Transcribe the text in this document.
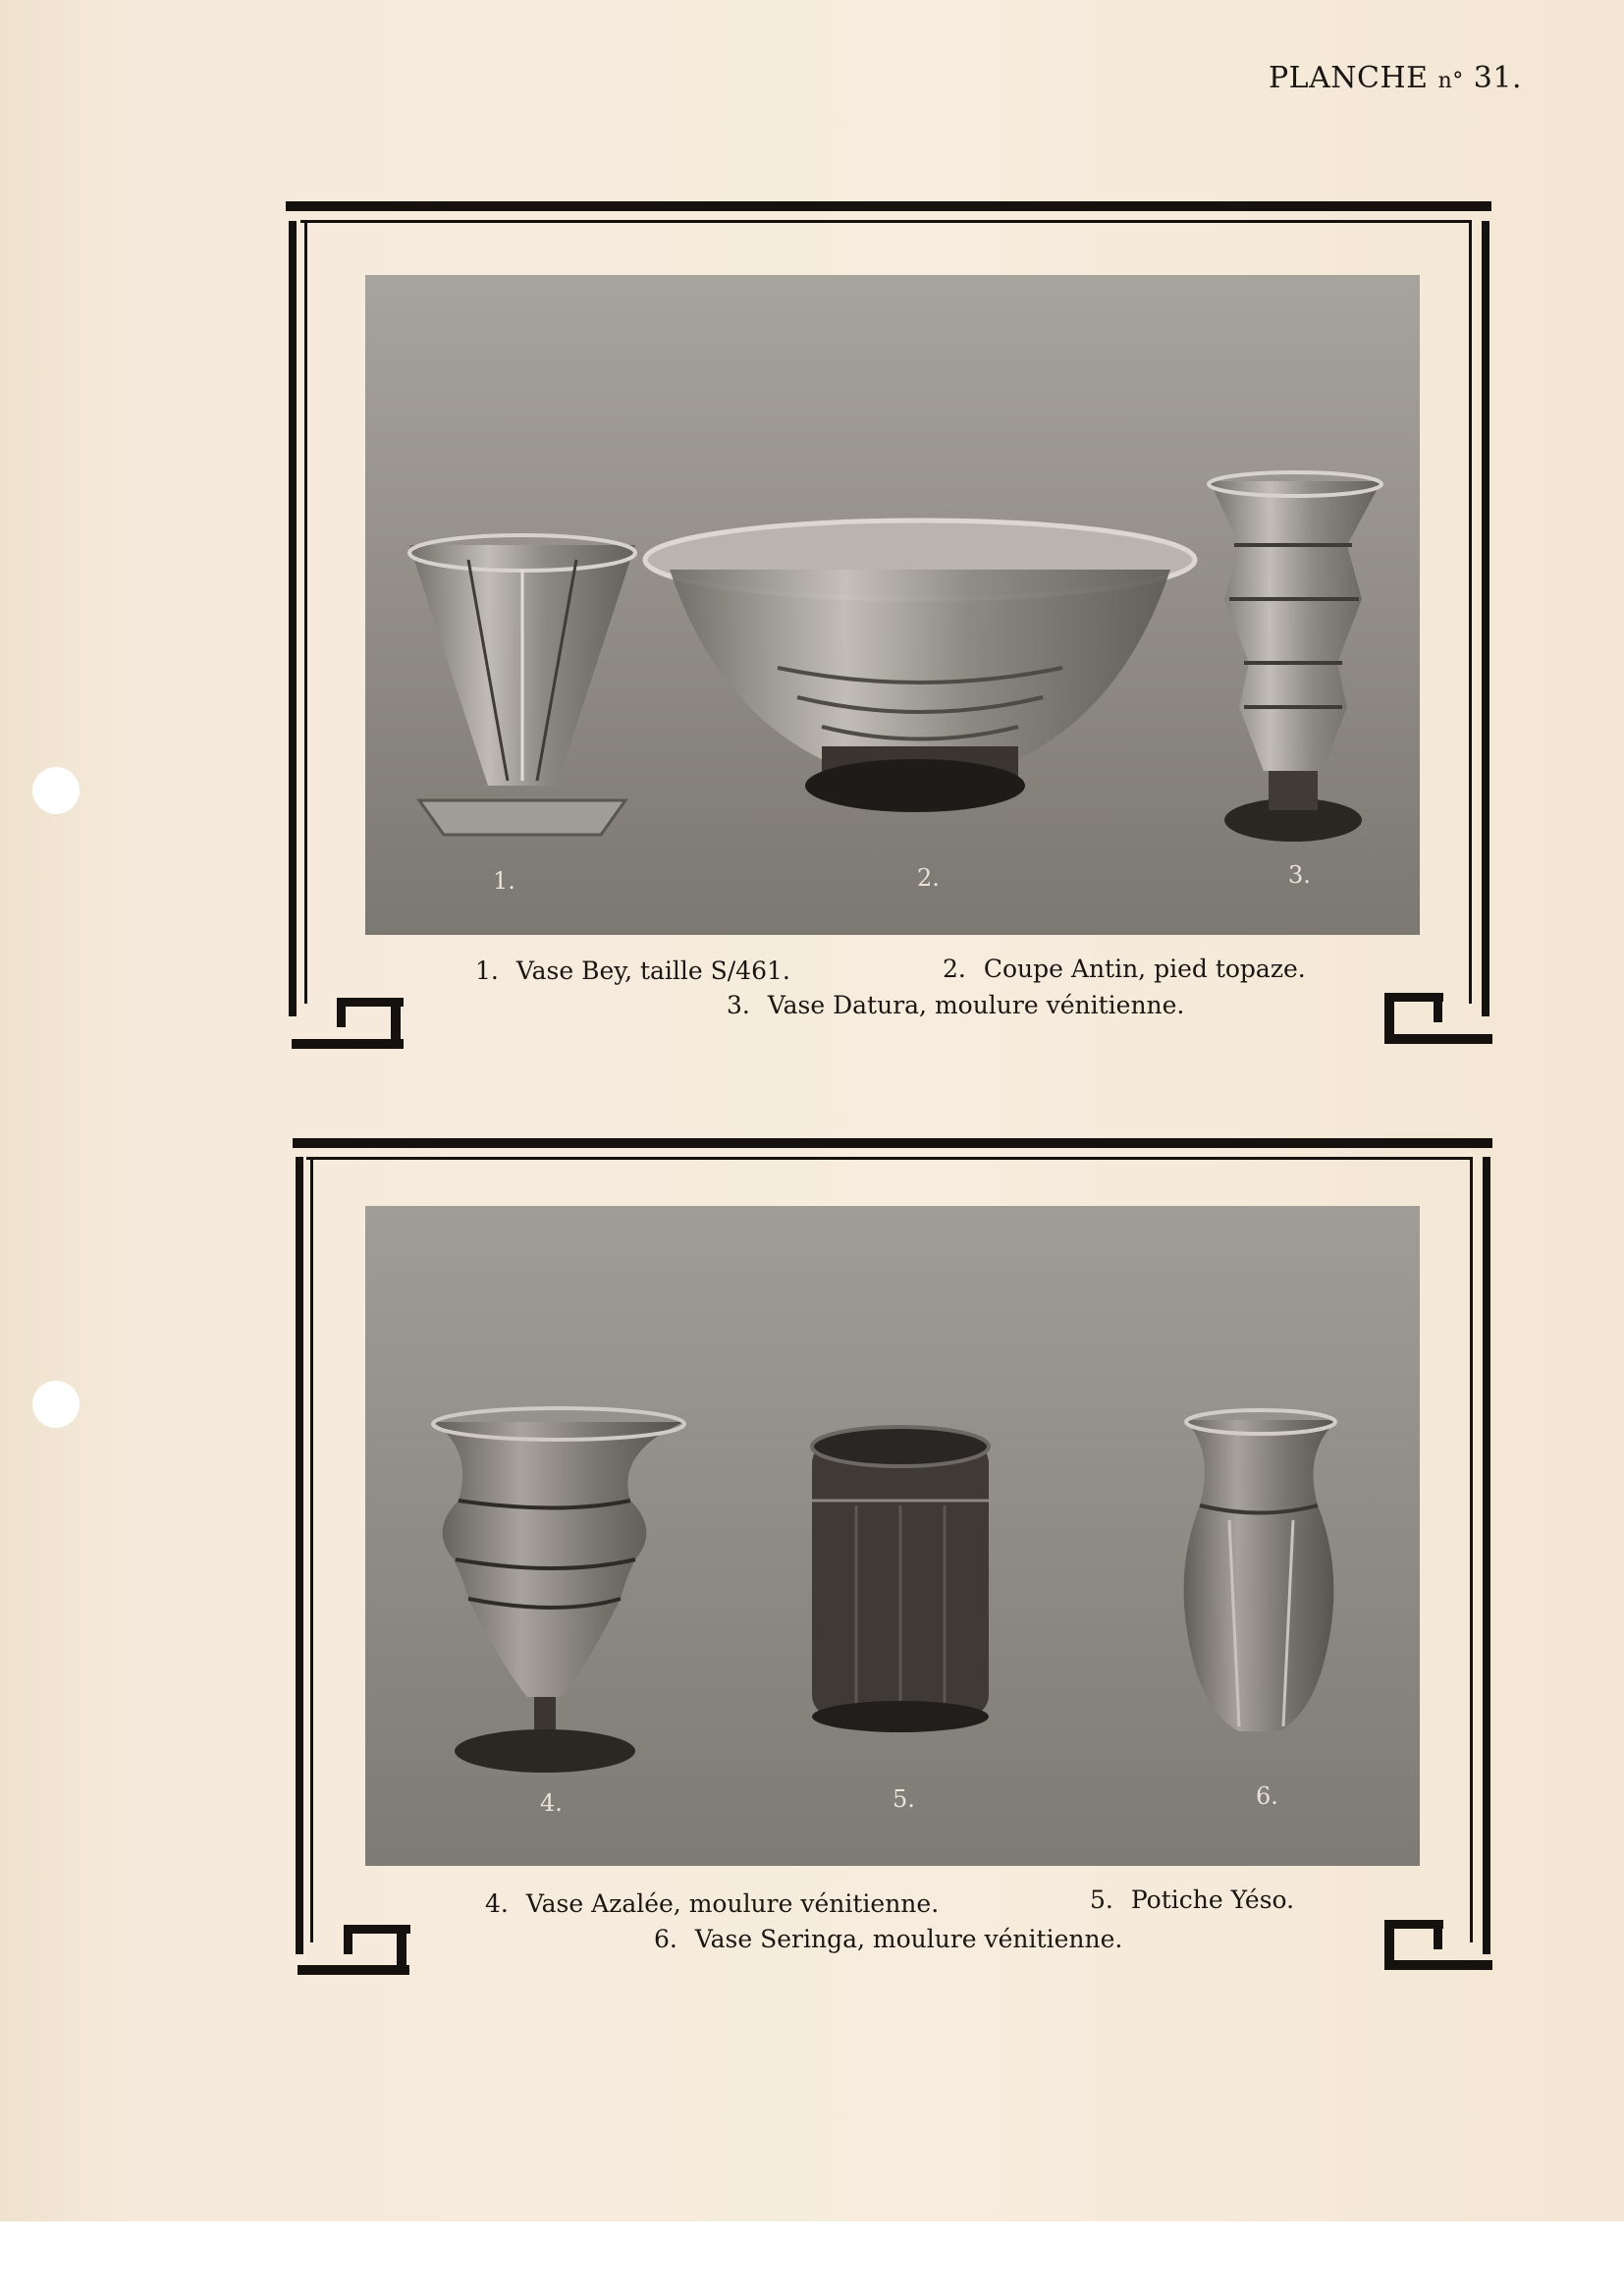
PLANCHE n° 31.
1.	2.	3.
1. Vase Bey, taille S/461.	2. Coupe Antin, pied topaze.
3. Vase Datura, moulure vénitienne.
4.	5.	6.
4. Vase Azalée, moulure vénitienne.	5. Potiche Yéso.
6. Vase Seringa, moulure vénitienne.
